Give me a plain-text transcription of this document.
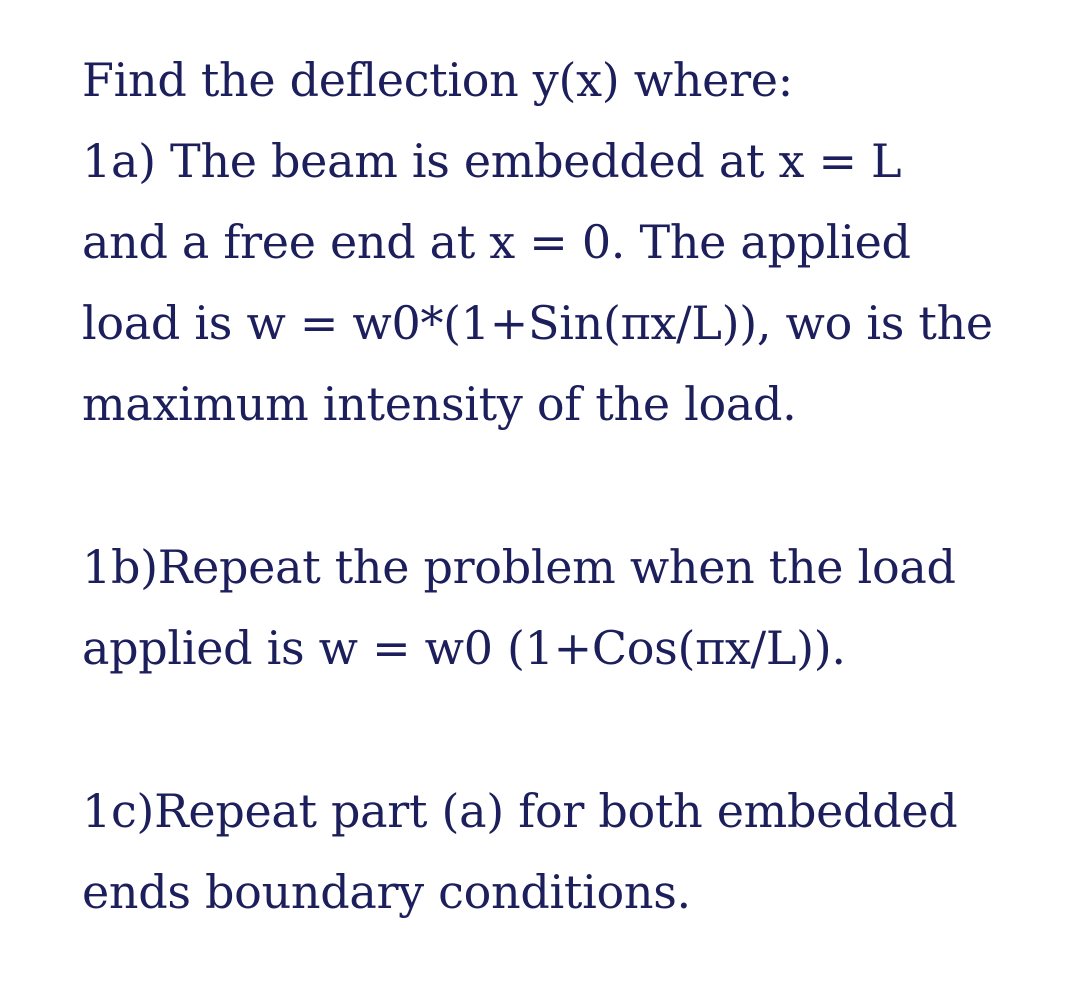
Find the deflection y(x) where:
1a) The beam is embedded at x = L
and a free end at x = 0. The applied
load is w = w0*(1+Sin(πx/L)), wo is the
maximum intensity of the load.
1b)Repeat the problem when the load
applied is w = w0 (1+Cos(πx/L)).
1c)Repeat part (a) for both embedded
ends boundary conditions.
